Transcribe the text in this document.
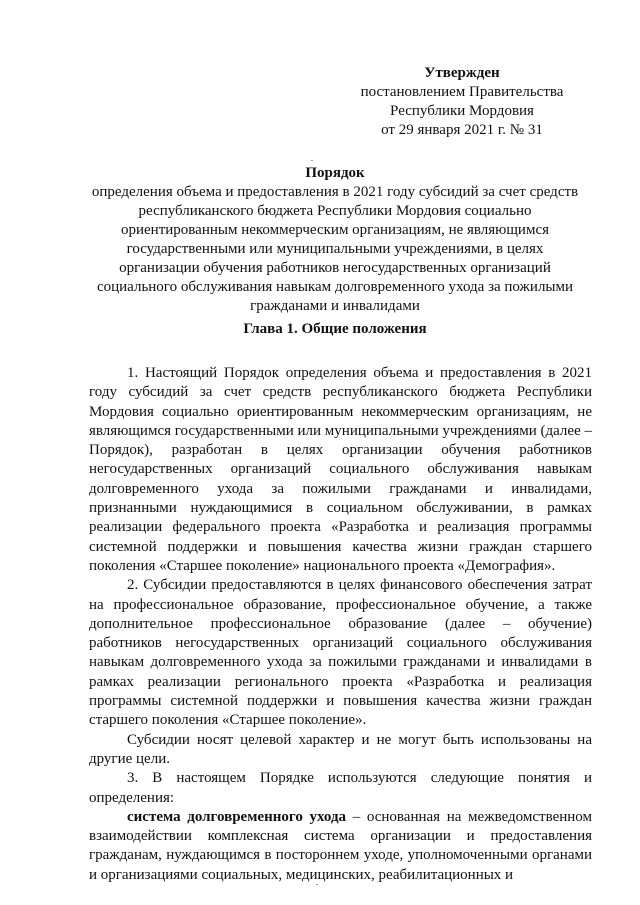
Утвержден
постановлением Правительства
Республики Мордовия
от 29 января 2021 г. № 31
Порядок
определения объема и предоставления в 2021 году субсидий за счет средств
республиканского бюджета Республики Мордовия социально
ориентированным некоммерческим организациям, не являющимся
государственными или муниципальными учреждениями, в целях
организации обучения работников негосударственных организаций
социального обслуживания навыкам долговременного ухода за пожилыми
гражданами и инвалидами
Глава 1. Общие положения

1. Настоящий Порядок определения объема и предоставления в 2021 году субсидий за счет средств республиканского бюджета Республики Мордовия социально ориентированным некоммерческим организациям, не являющимся государственными или муниципальными учреждениями (далее – Порядок), разработан в целях организации обучения работников негосударственных организаций социального обслуживания навыкам долговременного ухода за пожилыми гражданами и инвалидами, признанными нуждающимися в социальном обслуживании, в рамках реализации федерального проекта «Разработка и реализация программы системной поддержки и повышения качества жизни граждан старшего поколения «Старшее поколение» национального проекта «Демография».

2. Субсидии предоставляются в целях финансового обеспечения затрат на профессиональное образование, профессиональное обучение, а также дополнительное профессиональное образование (далее – обучение) работников негосударственных организаций социального обслуживания навыкам долговременного ухода за пожилыми гражданами и инвалидами в рамках реализации регионального проекта «Разработка и реализация программы системной поддержки и повышения качества жизни граждан старшего поколения «Старшее поколение».

Субсидии носят целевой характер и не могут быть использованы на другие цели.

3. В настоящем Порядке используются следующие понятия и определения:

система долговременного ухода – основанная на межведомственном взаимодействии комплексная система организации и предоставления гражданам, нуждающимся в постороннем уходе, уполномоченными органами и организациями социальных, медицинских, реабилитационных и
